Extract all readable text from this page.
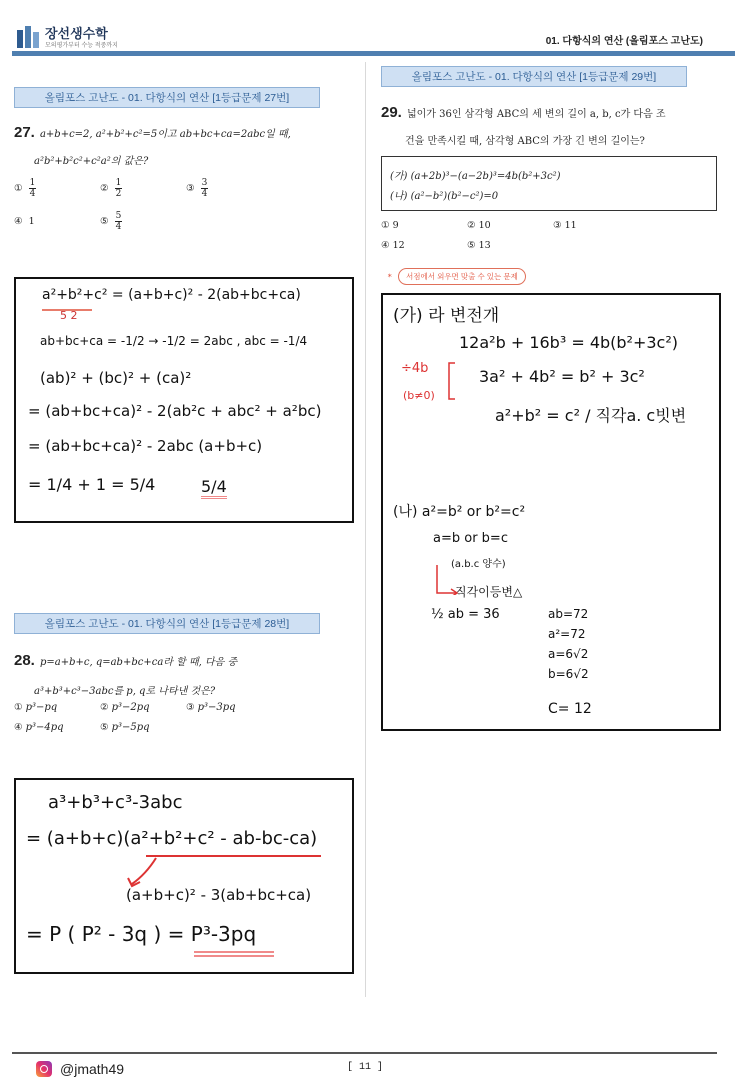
장선생수학
모의평가부터 수능 적중까지	01. 다항식의 연산 (올림포스 고난도)
올림포스 고난도 - 01. 다항식의 연산 [1등급문제 27번]
27. a+b+c=2, a²+b²+c²=5이고 ab+bc+ca=2abc일 때,
a²b²+b²c²+c²a²의 값은?
① $\frac{1}{4}$	② $\frac{1}{2}$	③ $\frac{3}{4}$
④ 1	⑤ $\frac{5}{4}$
a²+b²+c² = (a+b+c)² - 2(ab+bc+ca)
5 2
ab+bc+ca = -1/2 → -1/2 = 2abc , abc = -1/4
(ab)² + (bc)² + (ca)²
= (ab+bc+ca)² - 2(ab²c + abc² + a²bc)
= (ab+bc+ca)² - 2abc (a+b+c)
= 1/4 + 1 = 5/4	5/4
올림포스 고난도 - 01. 다항식의 연산 [1등급문제 28번]
28. p=a+b+c, q=ab+bc+ca라 할 때, 다음 중
a³+b³+c³−3abc를 p, q로 나타낸 것은?
① p³−pq	② p³−2pq	③ p³−3pq
④ p³−4pq	⑤ p³−5pq
a³+b³+c³-3abc
= (a+b+c)(a²+b²+c² - ab-bc-ca)
(a+b+c)² - 3(ab+bc+ca)
= P ( P² - 3q ) = P³-3pq
올림포스 고난도 - 01. 다항식의 연산 [1등급문제 29번]
29. 넓이가 36인 삼각형 ABC의 세 변의 길이 a, b, c가 다음 조
건을 만족시킬 때, 삼각형 ABC의 가장 긴 변의 길이는?
(가) (a+2b)³−(a−2b)³=4b(b²+3c²)
(나) (a²−b²)(b²−c²)=0
① 9	② 10	③ 11
④ 12	⑤ 13
∗	서점에서 외우면 맞출 수 있는 문제
(가) 라 변전개
12a²b + 16b³ = 4b(b²+3c²)
÷4b
(b≠0)
3a² + 4b² = b² + 3c²
a²+b² = c² / 직각a. c빗변
(나) a²=b² or b²=c²
a=b or b=c
(a.b.c 양수)
직각이등변△
½ ab = 36	ab=72
a²=72
a=6√2
b=6√2
C= 12
@jmath49	[ 11 ]
